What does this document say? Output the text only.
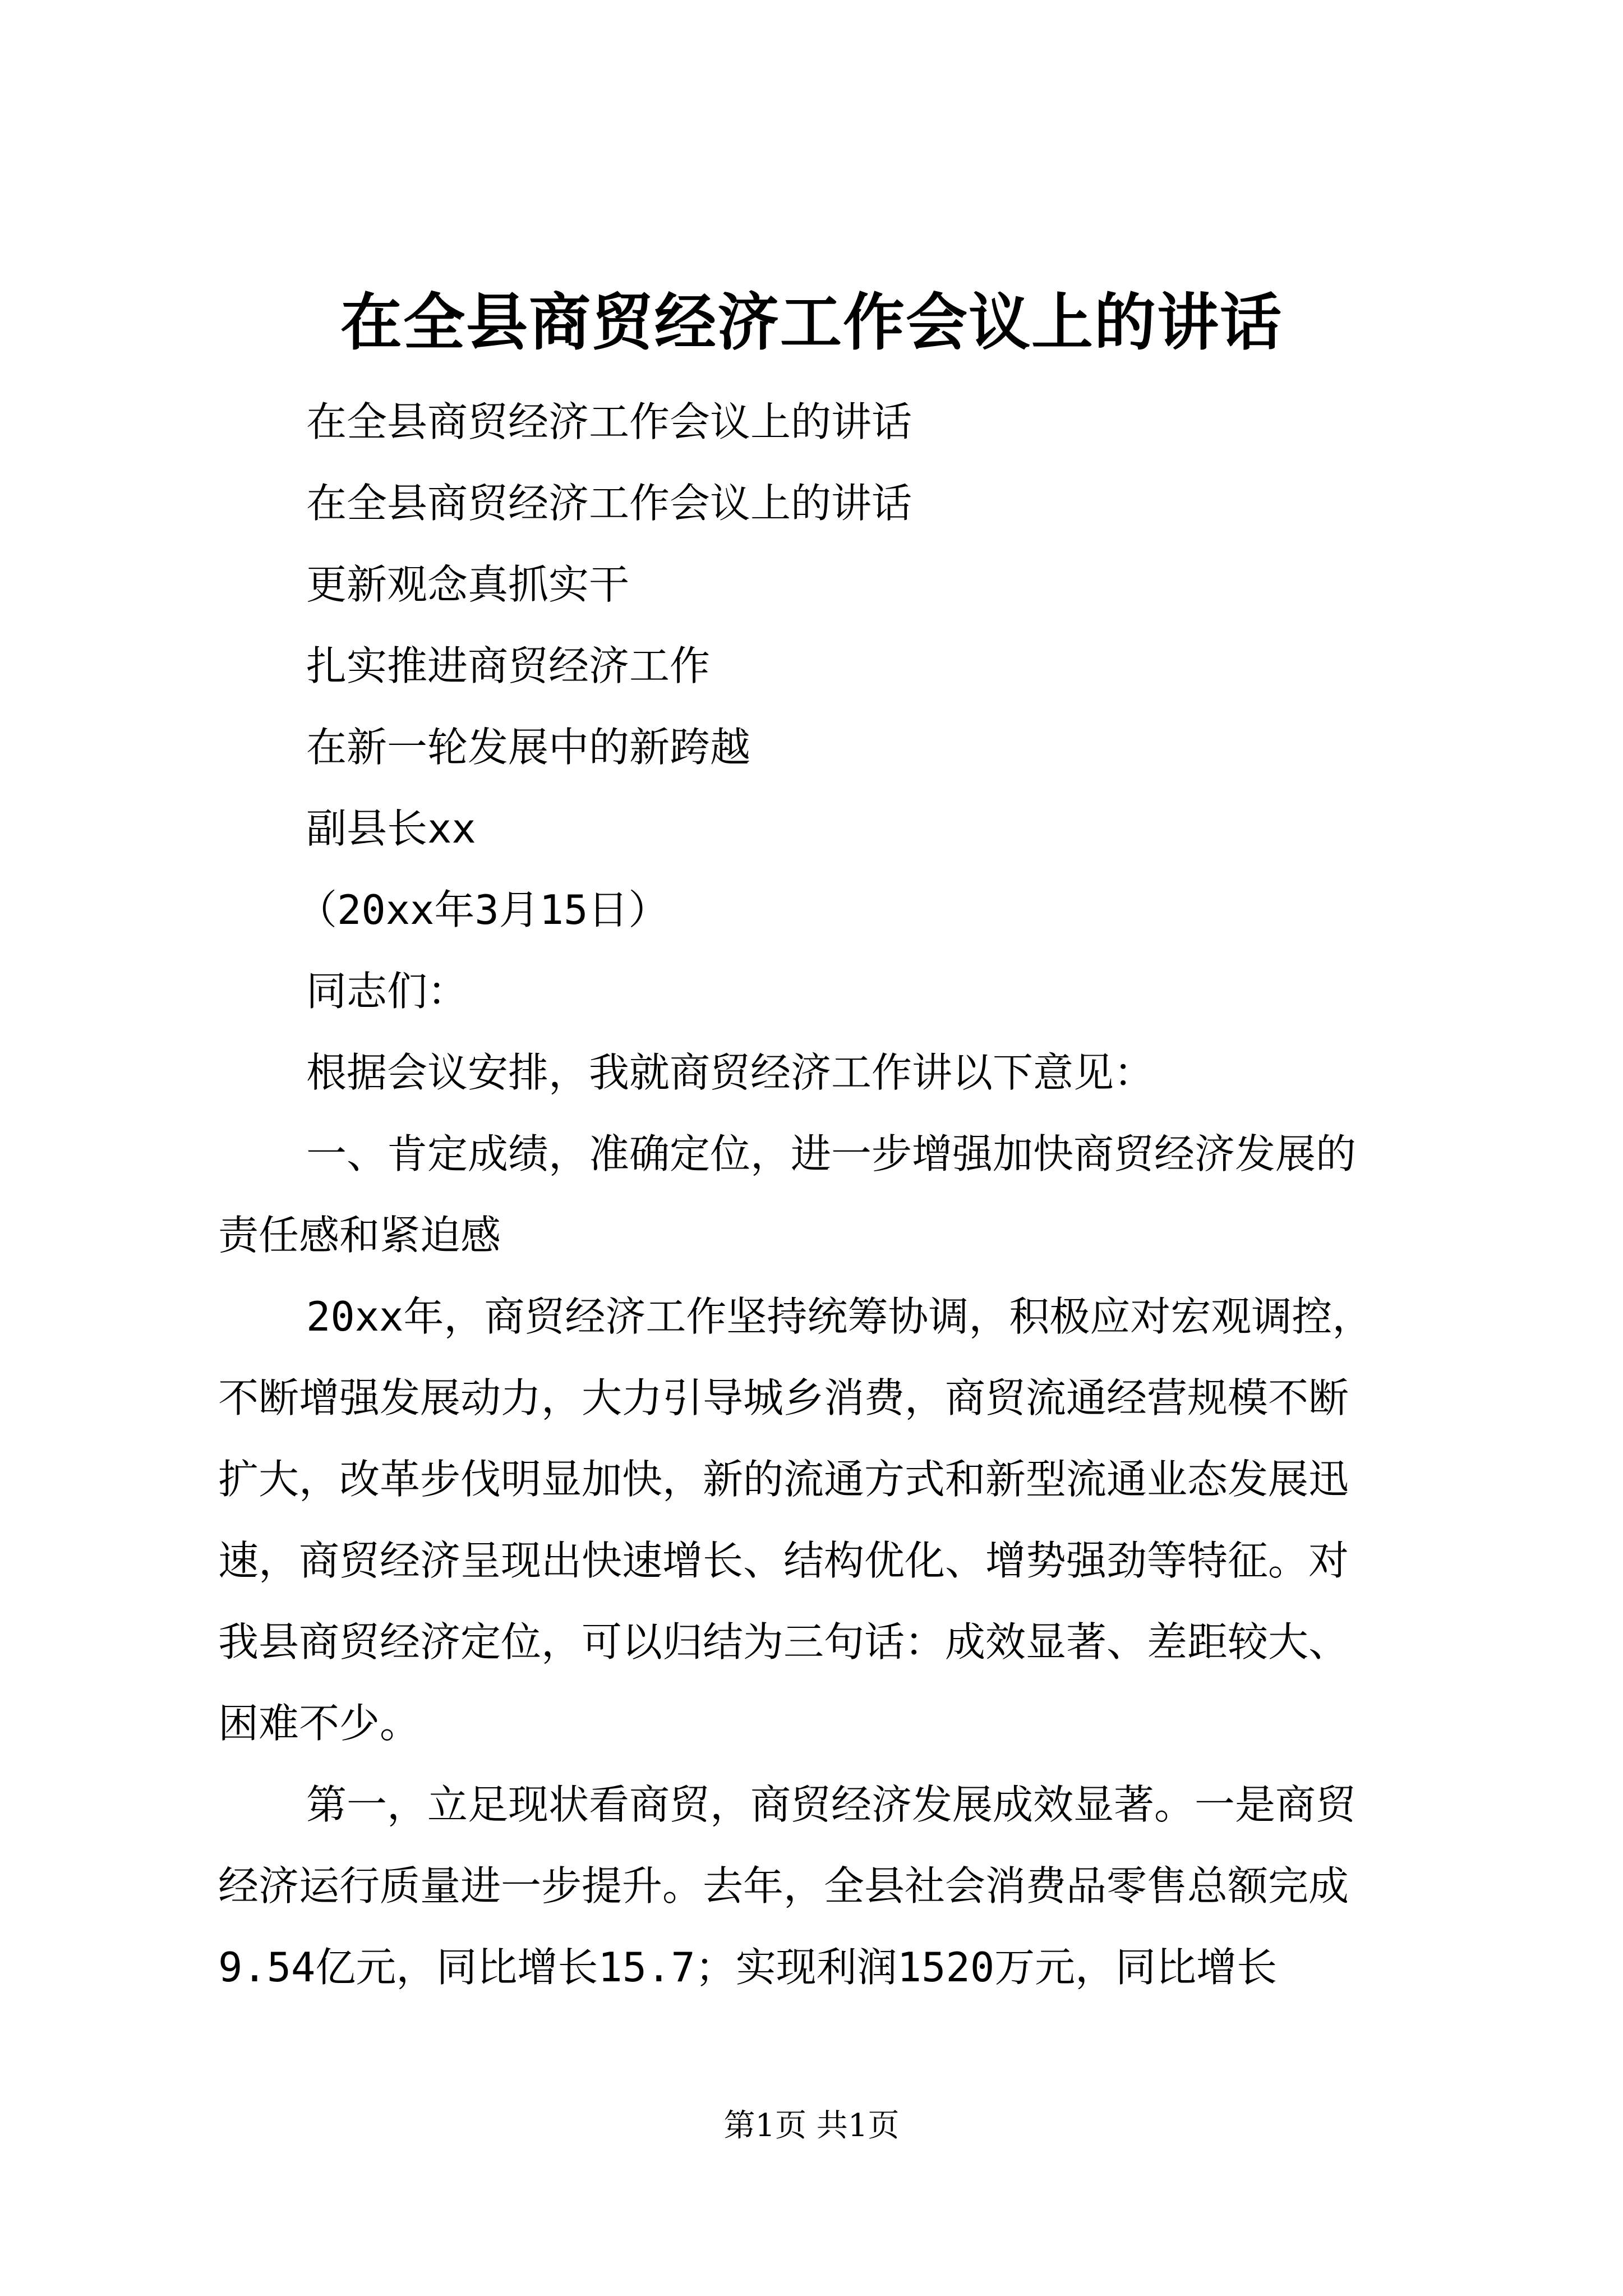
在全县商贸经济工作会议上的讲话
在全县商贸经济工作会议上的讲话
在全县商贸经济工作会议上的讲话
更新观念真抓实干
扎实推进商贸经济工作
在新一轮发展中的新跨越
副县长xx
（20xx年3月15日）
同志们：
根据会议安排，我就商贸经济工作讲以下意见：
一、肯定成绩，准确定位，进一步增强加快商贸经济发展的
责任感和紧迫感
20xx年，商贸经济工作坚持统筹协调，积极应对宏观调控，
不断增强发展动力，大力引导城乡消费，商贸流通经营规模不断
扩大，改革步伐明显加快，新的流通方式和新型流通业态发展迅
速，商贸经济呈现出快速增长、结构优化、增势强劲等特征。对
我县商贸经济定位，可以归结为三句话：成效显著、差距较大、
困难不少。
第一，立足现状看商贸，商贸经济发展成效显著。一是商贸
经济运行质量进一步提升。去年，全县社会消费品零售总额完成
9.54亿元，同比增长15.7；实现利润1520万元，同比增长
第1页 共1页
